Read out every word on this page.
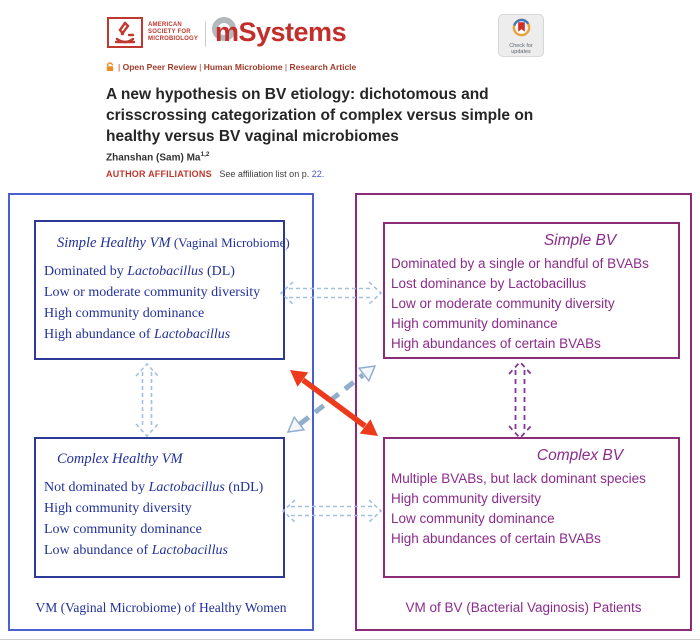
AMERICAN
SOCIETY FOR
MICROBIOLOGY mSystems	Check for
updates
| Open Peer Review | Human Microbiome | Research Article
A new hypothesis on BV etiology: dichotomous and crisscrossing categorization of complex versus simple on healthy versus BV vaginal microbiomes
Zhanshan (Sam) Ma$^{1,2}$
AUTHOR AFFILIATIONS See affiliation list on p. 22.
Simple Healthy VM (Vaginal Microbiome)
Dominated by Lactobacillus (DL)
Low or moderate community diversity
High community dominance
High abundance of Lactobacillus
Complex Healthy VM
Not dominated by Lactobacillus (nDL)
High community diversity
Low community dominance
Low abundance of Lactobacillus
Simple BV
Dominated by a single or handful of BVABs
Lost dominance by Lactobacillus
Low or moderate community diversity
High community dominance
High abundances of certain BVABs
Complex BV
Multiple BVABs, but lack dominant species
High community diversity
Low community dominance
High abundances of certain BVABs
VM (Vaginal Microbiome) of Healthy Women	VM of BV (Bacterial Vaginosis) Patients
